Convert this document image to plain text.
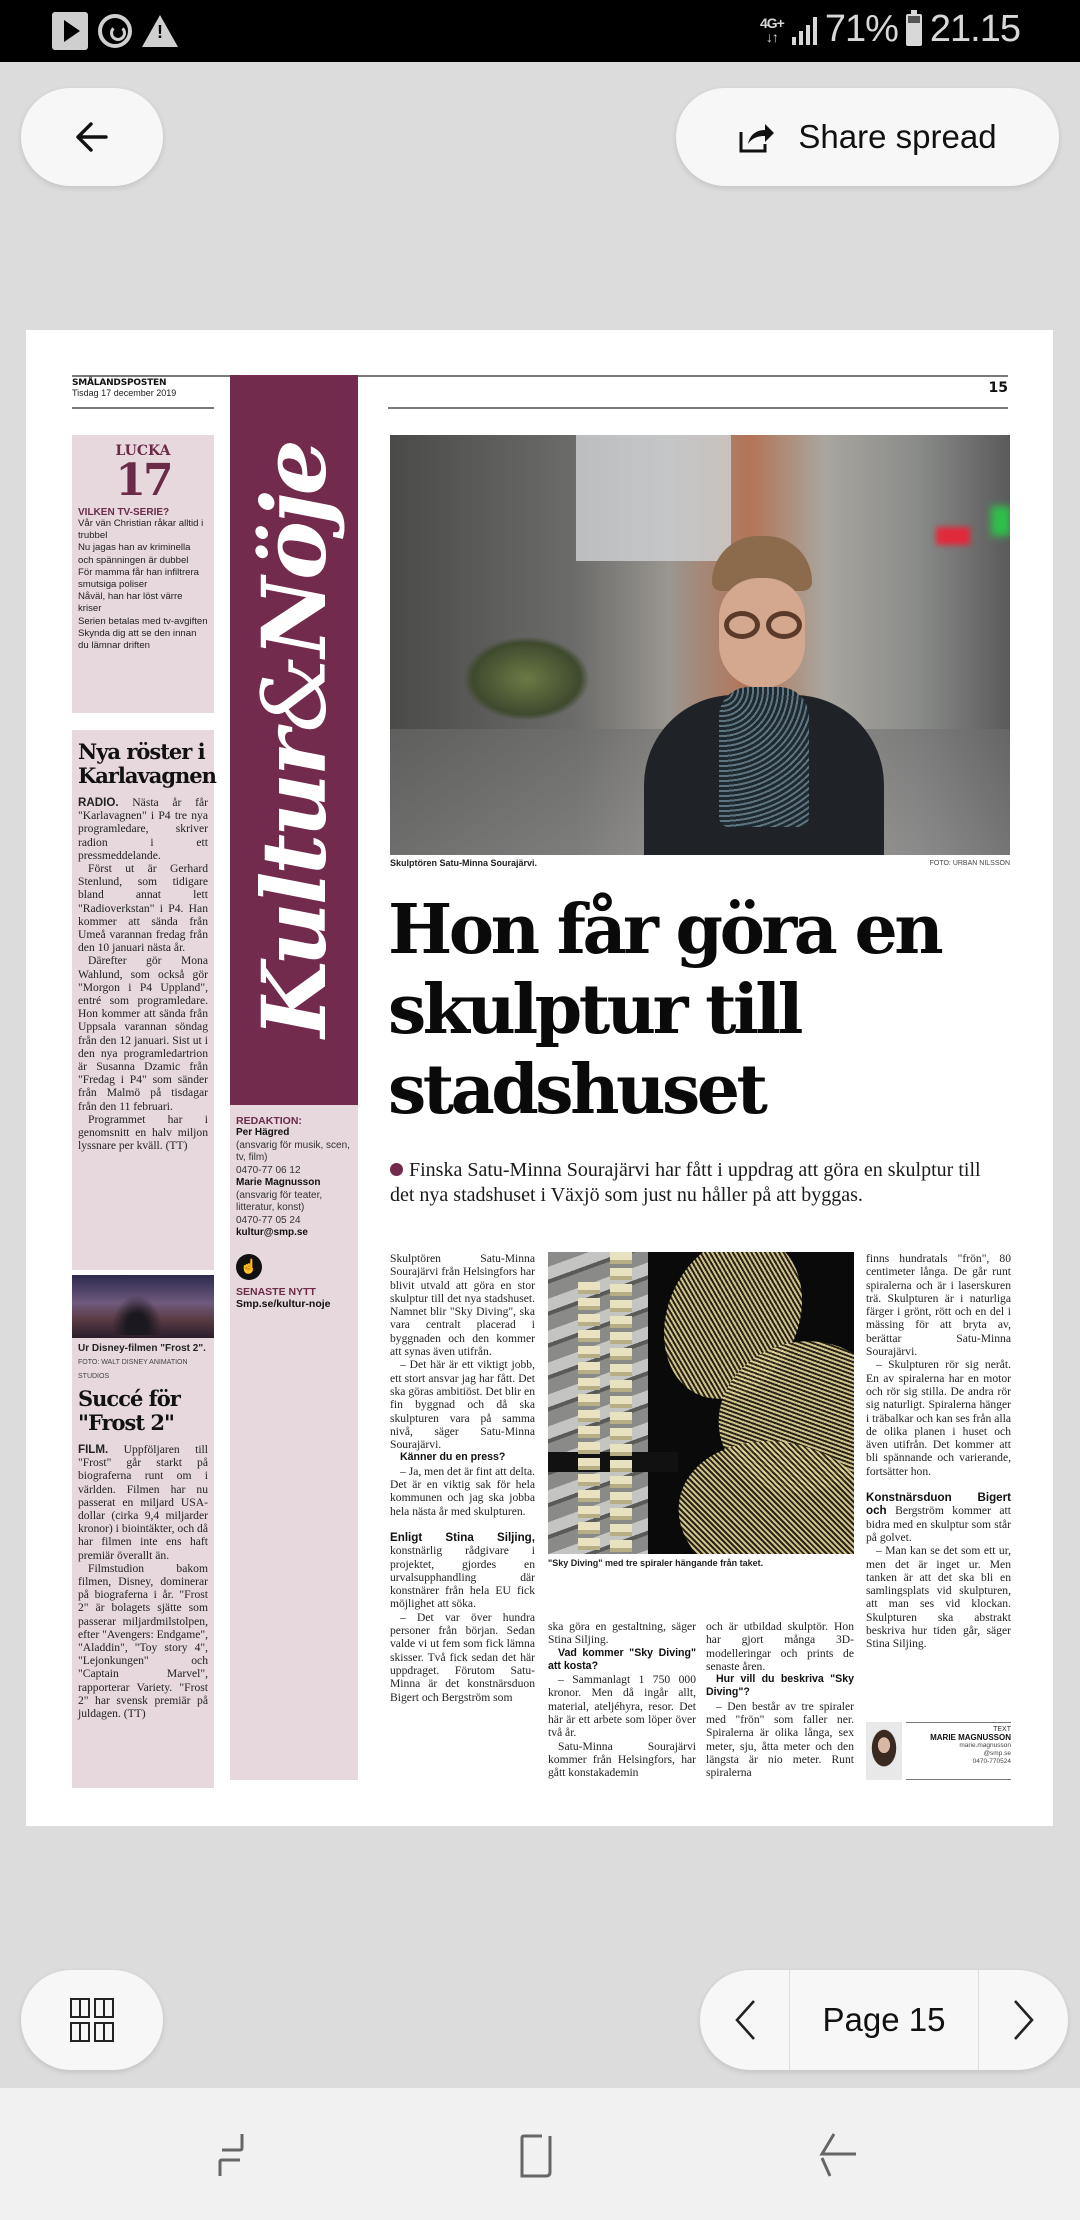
!	4G+
↓↑ 71% 21.15
Share spread
SMÅLANDSPOSTEN
Tisdag 17 december 2019	15
LUCKA
17
VILKEN TV-SERIE?
Vår vän Christian råkar alltid i trubbel
Nu jagas han av kriminella och spänningen är dubbel
För mamma får han infiltrera smutsiga poliser
Nåväl, han har löst värre kriser
Serien betalas med tv-avgiften
Skynda dig att se den innan du lämnar driften
Nya röster i Karlavagnen

RADIO. Nästa år får "Karlavagnen" i P4 tre nya programledare, skriver radion i ett pressmeddelande.

Först ut är Gerhard Stenlund, som tidigare bland annat lett "Radioverkstan" i P4. Han kommer att sända från Umeå varannan fredag från den 10 januari nästa år.

Därefter gör Mona Wahlund, som också gör "Morgon i P4 Uppland", entré som programledare. Hon kommer att sända från Uppsala varannan söndag från den 12 januari. Sist ut i den nya programledartrion är Susanna Dzamic från "Fredag i P4" som sänder från Malmö på tisdagar från den 11 februari.

Programmet har i genomsnitt en halv miljon lyssnare per kväll. (TT)

Ur Disney-filmen "Frost 2". FOTO: WALT DISNEY ANIMATION STUDIOS
Succé för "Frost 2"

FILM. Uppföljaren till "Frost" går starkt på biograferna runt om i världen. Filmen har nu passerat en miljard USA-dollar (cirka 9,4 miljarder kronor) i biointäkter, och då har filmen inte ens haft premiär överallt än.

Filmstudion bakom filmen, Disney, dominerar på biograferna i år. "Frost 2" är bolagets sjätte som passerar miljardmilstolpen, efter "Avengers: Endgame", "Aladdin", "Toy story 4", "Lejonkungen" och "Captain Marvel", rapporterar Variety. "Frost 2" har svensk premiär på juldagen. (TT)

Kultur&Nöje
REDAKTION:
Per Hägred
(ansvarig för musik, scen, tv, film)
0470-77 06 12
Marie Magnusson
(ansvarig för teater, litteratur, konst)
0470-77 05 24
kultur@smp.se
☝
SENASTE NYTT
Smp.se/kultur-noje
Skulptören Satu-Minna Sourajärvi.	FOTO: URBAN NILSSON
Hon får göra en skulptur till stadshuset
Finska Satu-Minna Sourajärvi har fått i uppdrag att göra en skulptur till det nya stadshuset i Växjö som just nu håller på att byggas.

Skulptören Satu-Minna Sourajärvi från Helsingfors har blivit utvald att göra en stor skulptur till det nya stadshuset. Namnet blir "Sky Diving", ska vara centralt placerad i byggnaden och den kommer att synas även utifrån.

– Det här är ett viktigt jobb, ett stort ansvar jag har fått. Det ska göras ambitiöst. Det blir en fin byggnad och då ska skulpturen vara på samma nivå, säger Satu-Minna Sourajärvi.

Känner du en press?

– Ja, men det är fint att delta. Det är en viktig sak för hela kommunen och jag ska jobba hela nästa år med skulpturen.

Enligt Stina Siljing, konstnärlig rådgivare i projektet, gjordes en urvalsupphandling där konstnärer från hela EU fick möjlighet att söka.

– Det var över hundra personer från början. Sedan valde vi ut fem som fick lämna skisser. Två fick sedan det här uppdraget. Förutom Satu-Minna är det konstnärsduon Bigert och Bergström som

"Sky Diving" med tre spiraler hängande från taket.

ska göra en gestaltning, säger Stina Siljing.

Vad kommer "Sky Diving" att kosta?

– Sammanlagt 1 750 000 kronor. Men då ingår allt, material, ateljéhyra, resor. Det här är ett arbete som löper över två år.

Satu-Minna Sourajärvi kommer från Helsingfors, har gått konstakademin

och är utbildad skulptör. Hon har gjort många 3D-modelleringar och prints de senaste åren.

Hur vill du beskriva "Sky Diving"?

– Den består av tre spiraler med "frön" som faller ner. Spiralerna är olika långa, sex meter, sju, åtta meter och den längsta är nio meter. Runt spiralerna

finns hundratals "frön", 80 centimeter långa. De går runt spiralerna och är i laserskuren trä. Skulpturen är i naturliga färger i grönt, rött och en del i mässing för att bryta av, berättar Satu-Minna Sourajärvi.

– Skulpturen rör sig neråt. En av spiralerna har en motor och rör sig stilla. De andra rör sig naturligt. Spiralerna hänger i träbalkar och kan ses från alla de olika planen i huset och även utifrån. Det kommer att bli spännande och varierande, fortsätter hon.

Konstnärsduon Bigert och Bergström kommer att bidra med en skulptur som står på golvet.

– Man kan se det som ett ur, men det är inget ur. Men tanken är att det ska bli en samlingsplats vid skulpturen, att man ses vid klockan. Skulpturen ska abstrakt beskriva hur tiden går, säger Stina Siljing.

TEXT
MARIE MAGNUSSON
marie.magnusson
@smp.se
0470-770524
Page 15
